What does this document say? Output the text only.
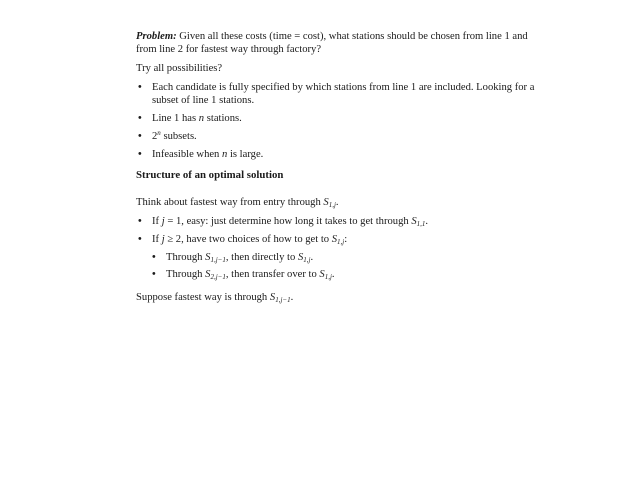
Problem: Given all these costs (time = cost), what stations should be chosen from line 1 and from line 2 for fastest way through factory?

Try all possibilities?

• Each candidate is fully specified by which stations from line 1 are included. Looking for a subset of line 1 stations.
• Line 1 has n stations.
• 2$^n$ subsets.
• Infeasible when n is large.

Structure of an optimal solution

Think about fastest way from entry through $S_{1,j}$.

• If j = 1, easy: just determine how long it takes to get through $S_{1,1}$.
• If j ≥ 2, have two choices of how to get to $S_{1,j}$:
• Through $S_{1,j-1}$, then directly to $S_{1,j}$.
• Through $S_{2,j-1}$, then transfer over to $S_{1,j}$.

Suppose fastest way is through $S_{1,j-1}$.
